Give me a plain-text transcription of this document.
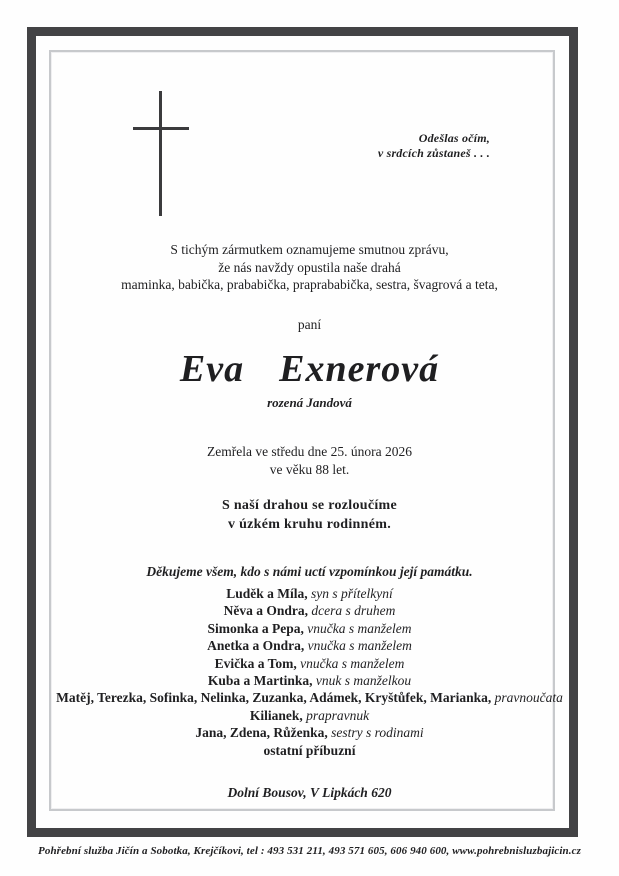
Odešlas očím,
v srdcích zůstaneš . . .
S tichým zármutkem oznamujeme smutnou zprávu,
že nás navždy opustila naše drahá
maminka, babička, prababička, praprababička, sestra, švagrová a teta,
paní
Eva  Exnerová
rozená Jandová
Zemřela ve středu dne 25. února 2026
ve věku 88 let.
S naší drahou se rozloučíme
v úzkém kruhu rodinném.
Děkujeme všem, kdo s námi uctí vzpomínkou její památku.
Luděk a Míla, syn s přítelkyní
Něva a Ondra, dcera s druhem
Simonka a Pepa, vnučka s manželem
Anetka a Ondra, vnučka s manželem
Evička a Tom, vnučka s manželem
Kuba a Martinka, vnuk s manželkou
Matěj, Terezka, Sofinka, Nelinka, Zuzanka, Adámek, Kryštůfek, Marianka, pravnoučata
Kilianek, prapravnuk
Jana, Zdena, Růženka, sestry s rodinami
ostatní příbuzní
Dolní Bousov, V Lipkách 620
Pohřební služba Jičín a Sobotka, Krejčíkovi, tel : 493 531 211, 493 571 605, 606 940 600, www.pohrebnisluzbajicin.cz
